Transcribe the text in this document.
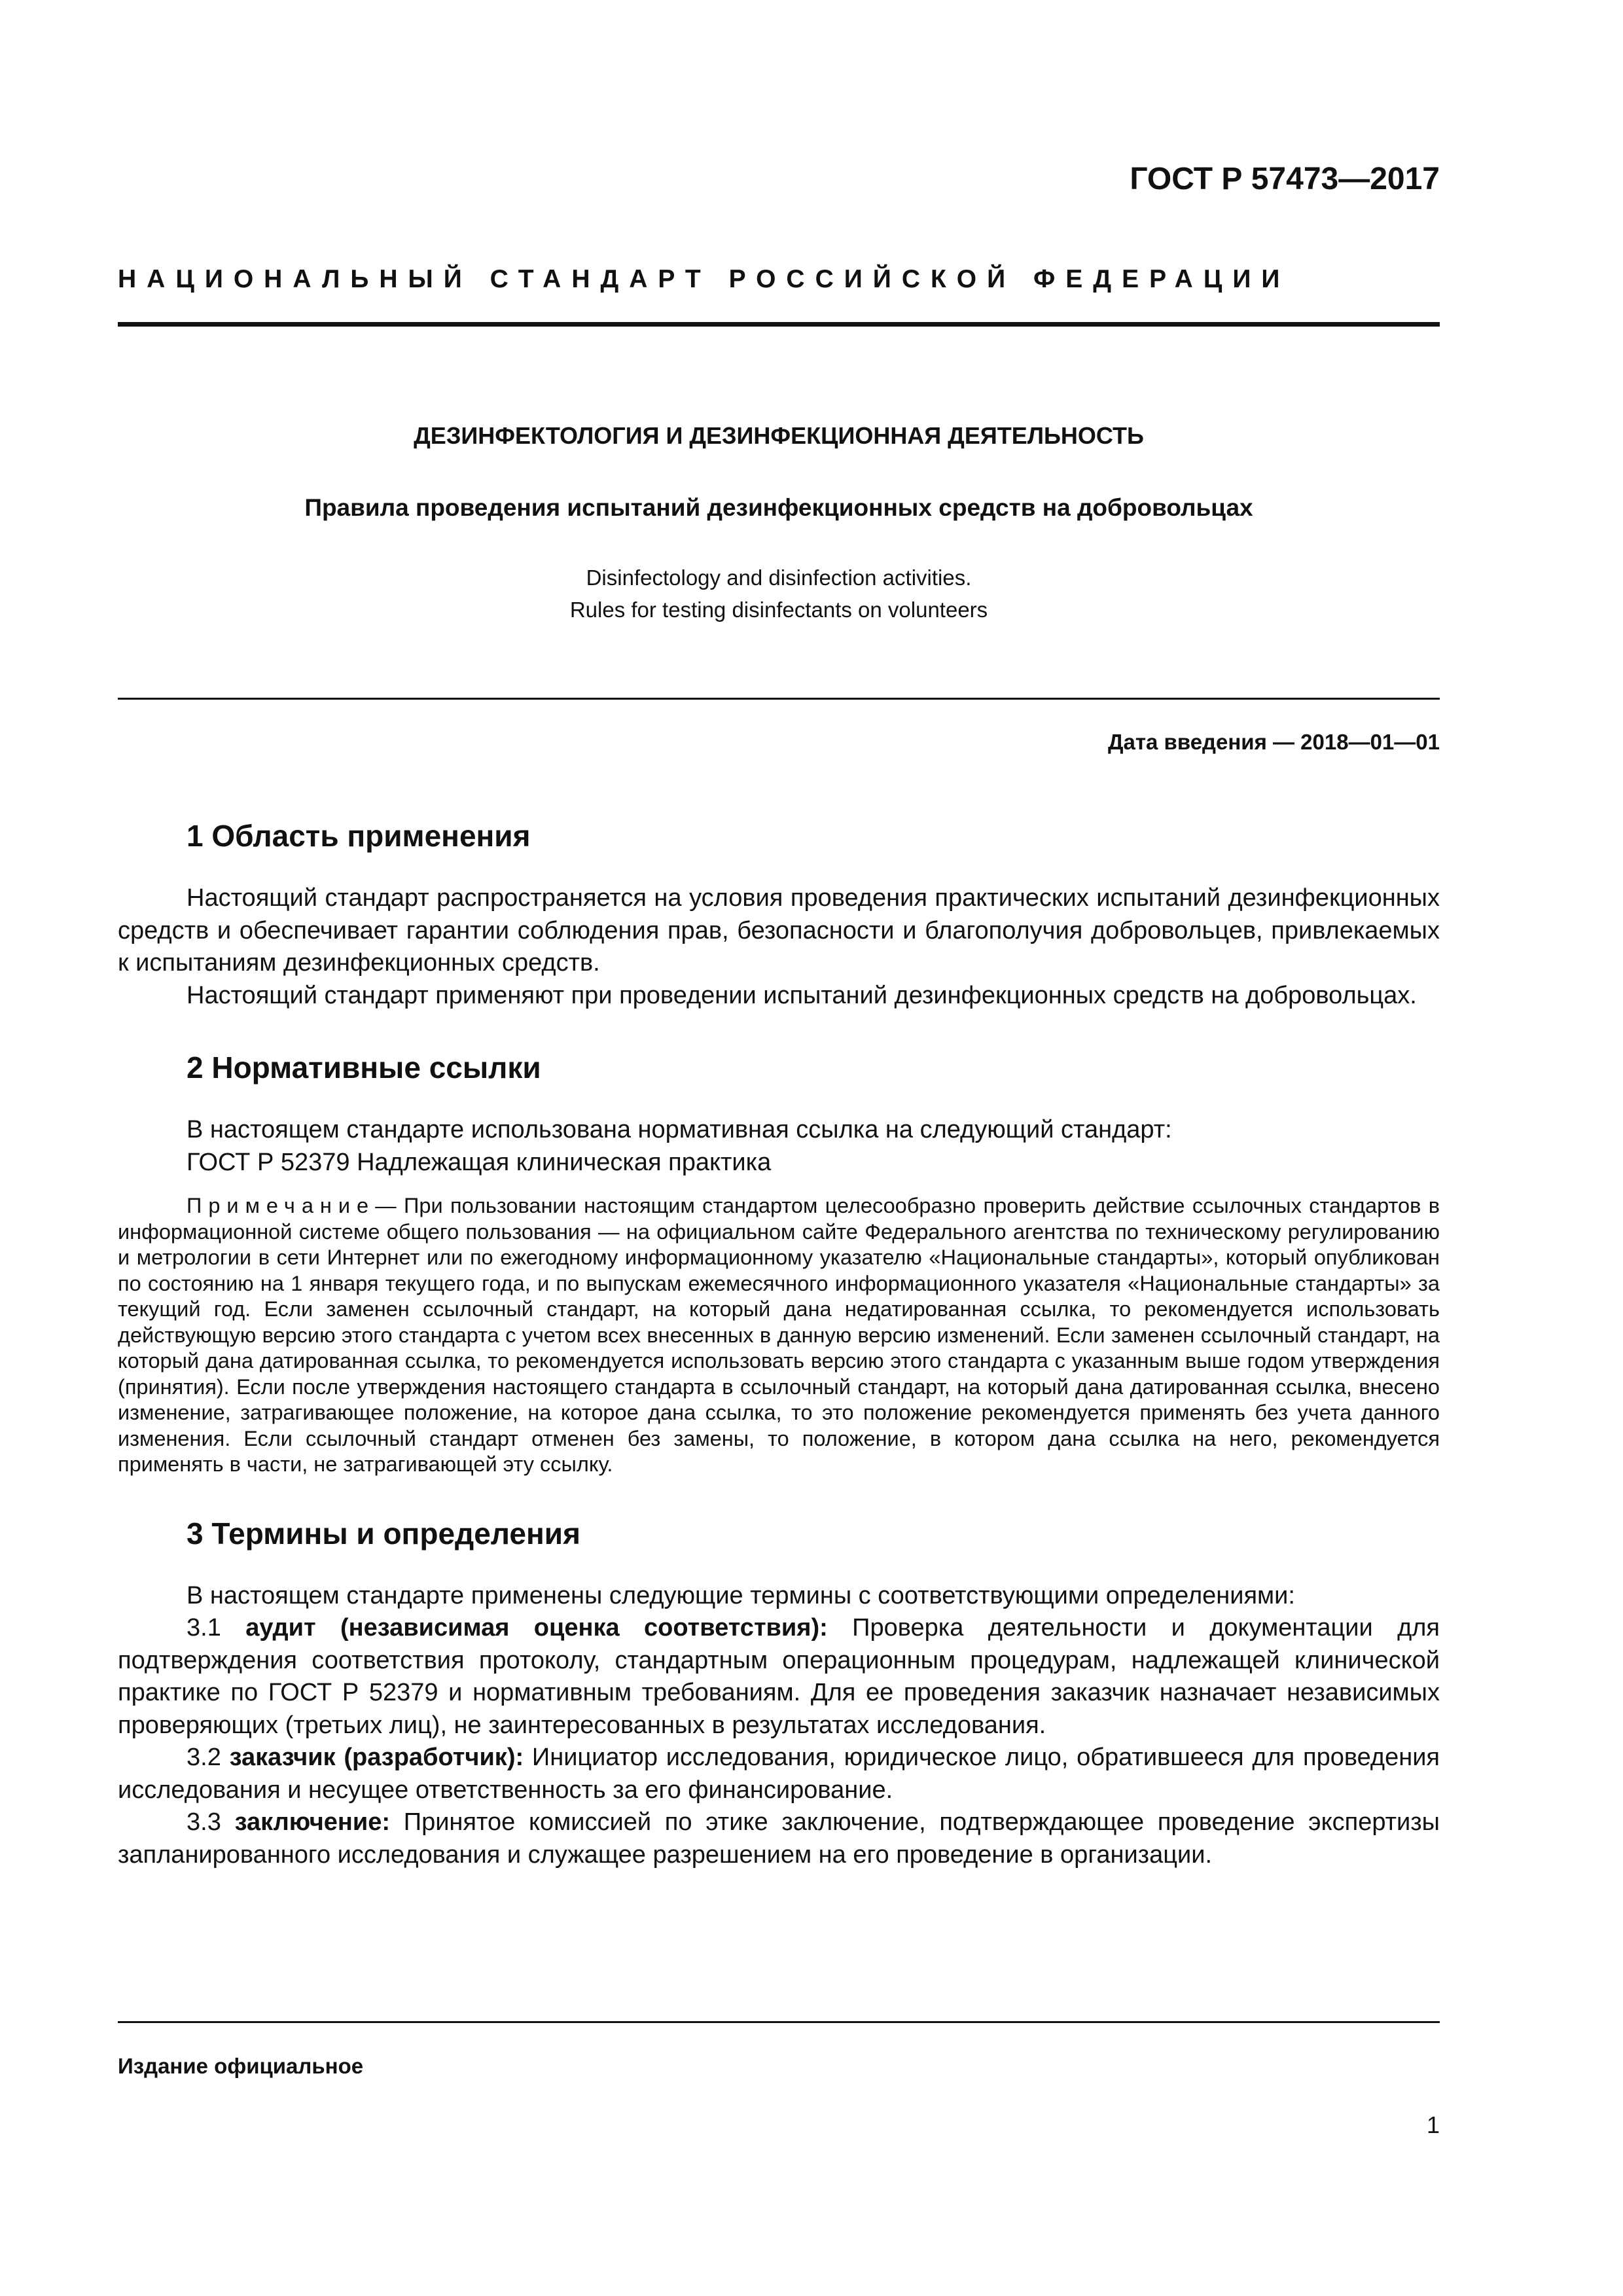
ГОСТ Р 57473—2017
НАЦИОНАЛЬНЫЙ СТАНДАРТ РОССИЙСКОЙ ФЕДЕРАЦИИ
ДЕЗИНФЕКТОЛОГИЯ И ДЕЗИНФЕКЦИОННАЯ ДЕЯТЕЛЬНОСТЬ
Правила проведения испытаний дезинфекционных средств на добровольцах
Disinfectology and disinfection activities.
Rules for testing disinfectants on volunteers
Дата введения — 2018—01—01
1 Область применения

Настоящий стандарт распространяется на условия проведения практических испытаний дезинфекционных средств и обеспечивает гарантии соблюдения прав, безопасности и благополучия добровольцев, привлекаемых к испытаниям дезинфекционных средств.

Настоящий стандарт применяют при проведении испытаний дезинфекционных средств на добровольцах.

2 Нормативные ссылки

В настоящем стандарте использована нормативная ссылка на следующий стандарт:

ГОСТ Р 52379 Надлежащая клиническая практика

Примечание— При пользовании настоящим стандартом целесообразно проверить действие ссылочных стандартов в информационной системе общего пользования — на официальном сайте Федерального агентства по техническому регулированию и метрологии в сети Интернет или по ежегодному информационному указателю «Национальные стандарты», который опубликован по состоянию на 1 января текущего года, и по выпускам ежемесячного информационного указателя «Национальные стандарты» за текущий год. Если заменен ссылочный стандарт, на который дана недатированная ссылка, то рекомендуется использовать действующую версию этого стандарта с учетом всех внесенных в данную версию изменений. Если заменен ссылочный стандарт, на который дана датированная ссылка, то рекомендуется использовать версию этого стандарта с указанным выше годом утверждения (принятия). Если после утверждения настоящего стандарта в ссылочный стандарт, на который дана датированная ссылка, внесено изменение, затрагивающее положение, на которое дана ссылка, то это положение рекомендуется применять без учета данного изменения. Если ссылочный стандарт отменен без замены, то положение, в котором дана ссылка на него, рекомендуется применять в части, не затрагивающей эту ссылку.

3 Термины и определения

В настоящем стандарте применены следующие термины с соответствующими определениями:

3.1 аудит (независимая оценка соответствия): Проверка деятельности и документации для подтверждения соответствия протоколу, стандартным операционным процедурам, надлежащей клинической практике по ГОСТ Р 52379 и нормативным требованиям. Для ее проведения заказчик назначает независимых проверяющих (третьих лиц), не заинтересованных в результатах исследования.

3.2 заказчик (разработчик): Инициатор исследования, юридическое лицо, обратившееся для проведения исследования и несущее ответственность за его финансирование.

3.3 заключение: Принятое комиссией по этике заключение, подтверждающее проведение экспертизы запланированного исследования и служащее разрешением на его проведение в организации.

Издание официальное
1
